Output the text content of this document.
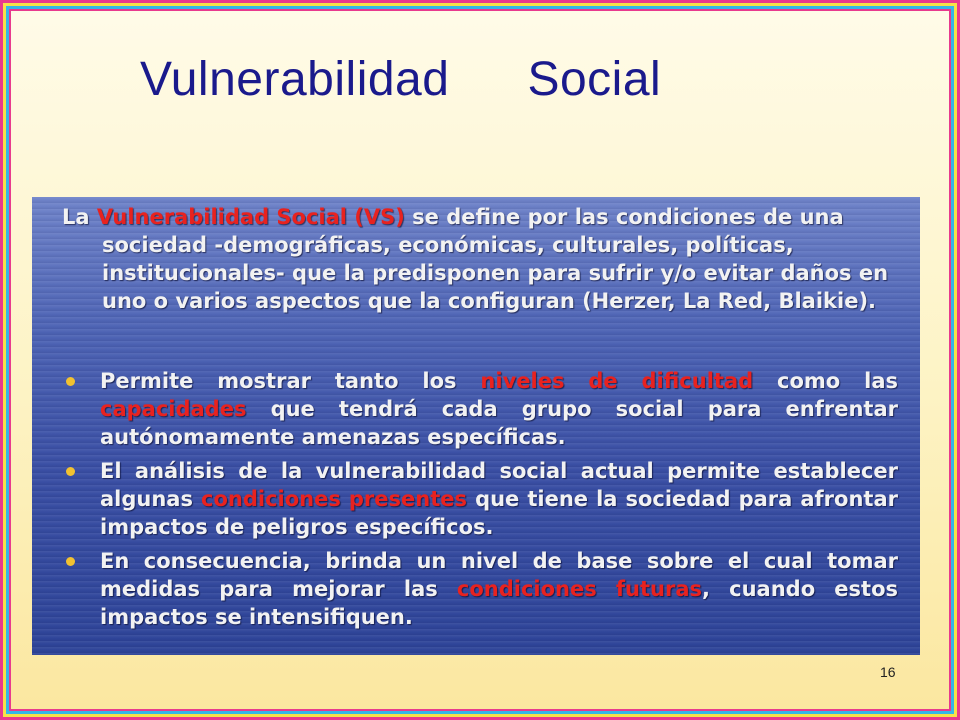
Vulnerabilidad Social
La Vulnerabilidad Social (VS) se define por las condiciones de una sociedad -demográficas, económicas, culturales, políticas, institucionales- que la predisponen para sufrir y/o evitar daños en uno o varios aspectos que la configuran (Herzer, La Red, Blaikie).
Permite mostrar tanto los niveles de dificultad como las capacidades que tendrá cada grupo social para enfrentar autónomamente amenazas específicas.
El análisis de la vulnerabilidad social actual permite establecer algunas condiciones presentes que tiene la sociedad para afrontar impactos de peligros específicos.
En consecuencia, brinda un nivel de base sobre el cual tomar medidas para mejorar las condiciones futuras, cuando estos impactos se intensifiquen.
16
